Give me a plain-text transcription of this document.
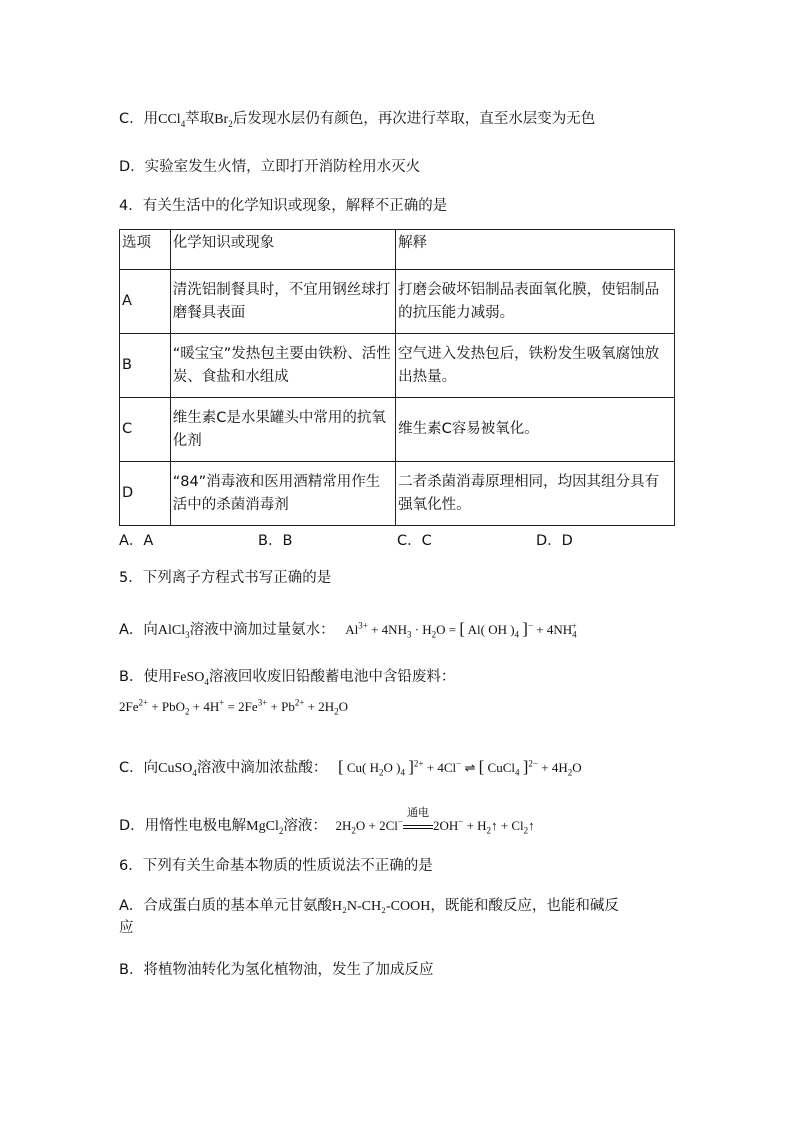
C．用CCl$_4$萃取$Br_2$后发现水层仍有颜色，再次进行萃取，直至水层变为无色
D．实验室发生火情，立即打开消防栓用水灭火
4．有关生活中的化学知识或现象，解释不正确的是
选项	化学知识或现象	解释
A	清洗铝制餐具时，不宜用钢丝球打磨餐具表面	打磨会破坏铝制品表面氧化膜，使铝制品的抗压能力减弱。
B	“暖宝宝”发热包主要由铁粉、活性炭、食盐和水组成	空气进入发热包后，铁粉发生吸氧腐蚀放出热量。
C	维生素C是水果罐头中常用的抗氧化剂	维生素C容易被氧化。
D	“84”消毒液和医用酒精常用作生活中的杀菌消毒剂	二者杀菌消毒原理相同，均因其组分具有强氧化性。
A．A	B．B	C．C	D．D
5．下列离子方程式书写正确的是
A．向AlCl$_3$溶液中滴加过量氨水： $Al^{3+} + 4NH_3 \cdot H_2O$ = [ Al( OH )$_4$ ]$^- + 4NH_4^+$
B．使用FeSO$_4$溶液回收废旧铅酸蓄电池中含铅废料：
$2Fe^{2+} + PbO_2 + 4H^+ = 2Fe^{3+} + Pb^{2+} + 2H_2O$
C．向CuSO$_4$溶液中滴加浓盐酸： [ Cu( $H_2O$ )$_4$ ]$^{2+}$ + 4Cl− ⇌ [ CuCl$_4$ ]$^{2-} + 4H_2O$
D．用惰性电极电解MgCl$_2$溶液： $2H_2O + 2Cl^-$
通电
$2OH^- + H_2↑$ + $Cl_2↑$
6．下列有关生命基本物质的性质说法不正确的是
A．合成蛋白质的基本单元甘氨酸H₂N-CH₂-COOH，既能和酸反应，也能和碱反
应
B．将植物油转化为氢化植物油，发生了加成反应
